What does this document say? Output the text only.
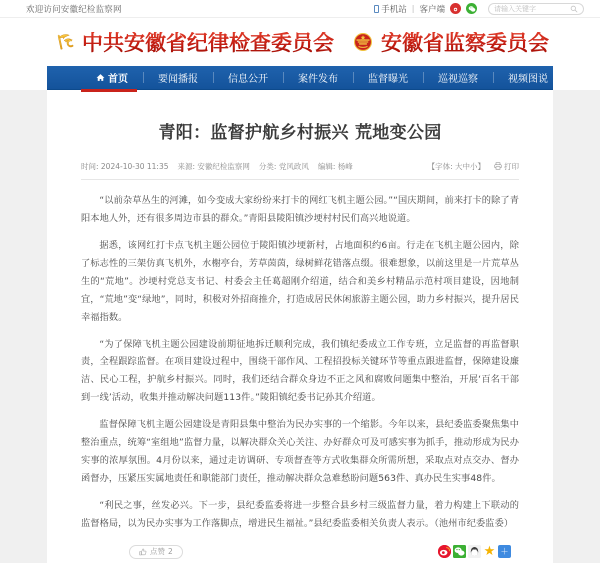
欢迎访问安徽纪检监察网	手机站 | 客户端
请输入关键字
中共安徽省纪律检查委员会 安徽省监察委员会
首页	要闻播报	信息公开	案件发布	监督曝光	巡视巡察	视频图说
青阳：监督护航乡村振兴 荒地变公园
时间: 2024-10-30 11:35 来源: 安徽纪检监察网 分类: 党风政风 编辑: 杨峰	【字体: 大中小】	打印

“以前杂草丛生的河滩，如今变成大家纷纷来打卡的网红飞机主题公园。”“国庆期间，前来打卡的除了青阳本地人外，还有很多周边市县的群众。”青阳县陵阳镇沙埂村村民们高兴地说道。

据悉，该网红打卡点飞机主题公园位于陵阳镇沙埂新村，占地面积约6亩。行走在飞机主题公园内，除了标志性的三架仿真飞机外，水榭亭台，芳草茵茵，绿树鲜花错落点缀。很难想象，以前这里是一片荒草丛生的“荒地”。沙埂村党总支书记、村委会主任葛超刚介绍道，结合和美乡村精品示范村项目建设，因地制宜，“荒地”变“绿地”，同时，积极对外招商推介，打造成居民休闲旅游主题公园，助力乡村振兴，提升居民幸福指数。

“为了保障飞机主题公园建设前期征地拆迁顺利完成，我们镇纪委成立工作专班，立足监督的再监督职责，全程跟踪监督。在项目建设过程中，围绕干部作风、工程招投标关键环节等重点跟进监督，保障建设廉洁、民心工程，护航乡村振兴。同时，我们还结合群众身边不正之风和腐败问题集中整治，开展‘百名干部到一线’活动，收集并推动解决问题113件。”陵阳镇纪委书记孙其介绍道。

监督保障飞机主题公园建设是青阳县集中整治为民办实事的一个缩影。今年以来，县纪委监委聚焦集中整治重点，统筹“室组地”监督力量，以解决群众关心关注、办好群众可及可感实事为抓手，推动形成为民办实事的浓厚氛围。4月份以来，通过走访调研、专项督查等方式收集群众所需所想，采取点对点交办、督办函督办，压紧压实属地责任和职能部门责任，推动解决群众急难愁盼问题563件、真办民生实事48件。

“利民之事，丝发必兴。下一步，县纪委监委将进一步整合县乡村三级监督力量，着力构建上下联动的监督格局，以为民办实事为工作落脚点，增进民生福祉。”县纪委监委相关负责人表示。（池州市纪委监委）

点赞 2	★ ＋
